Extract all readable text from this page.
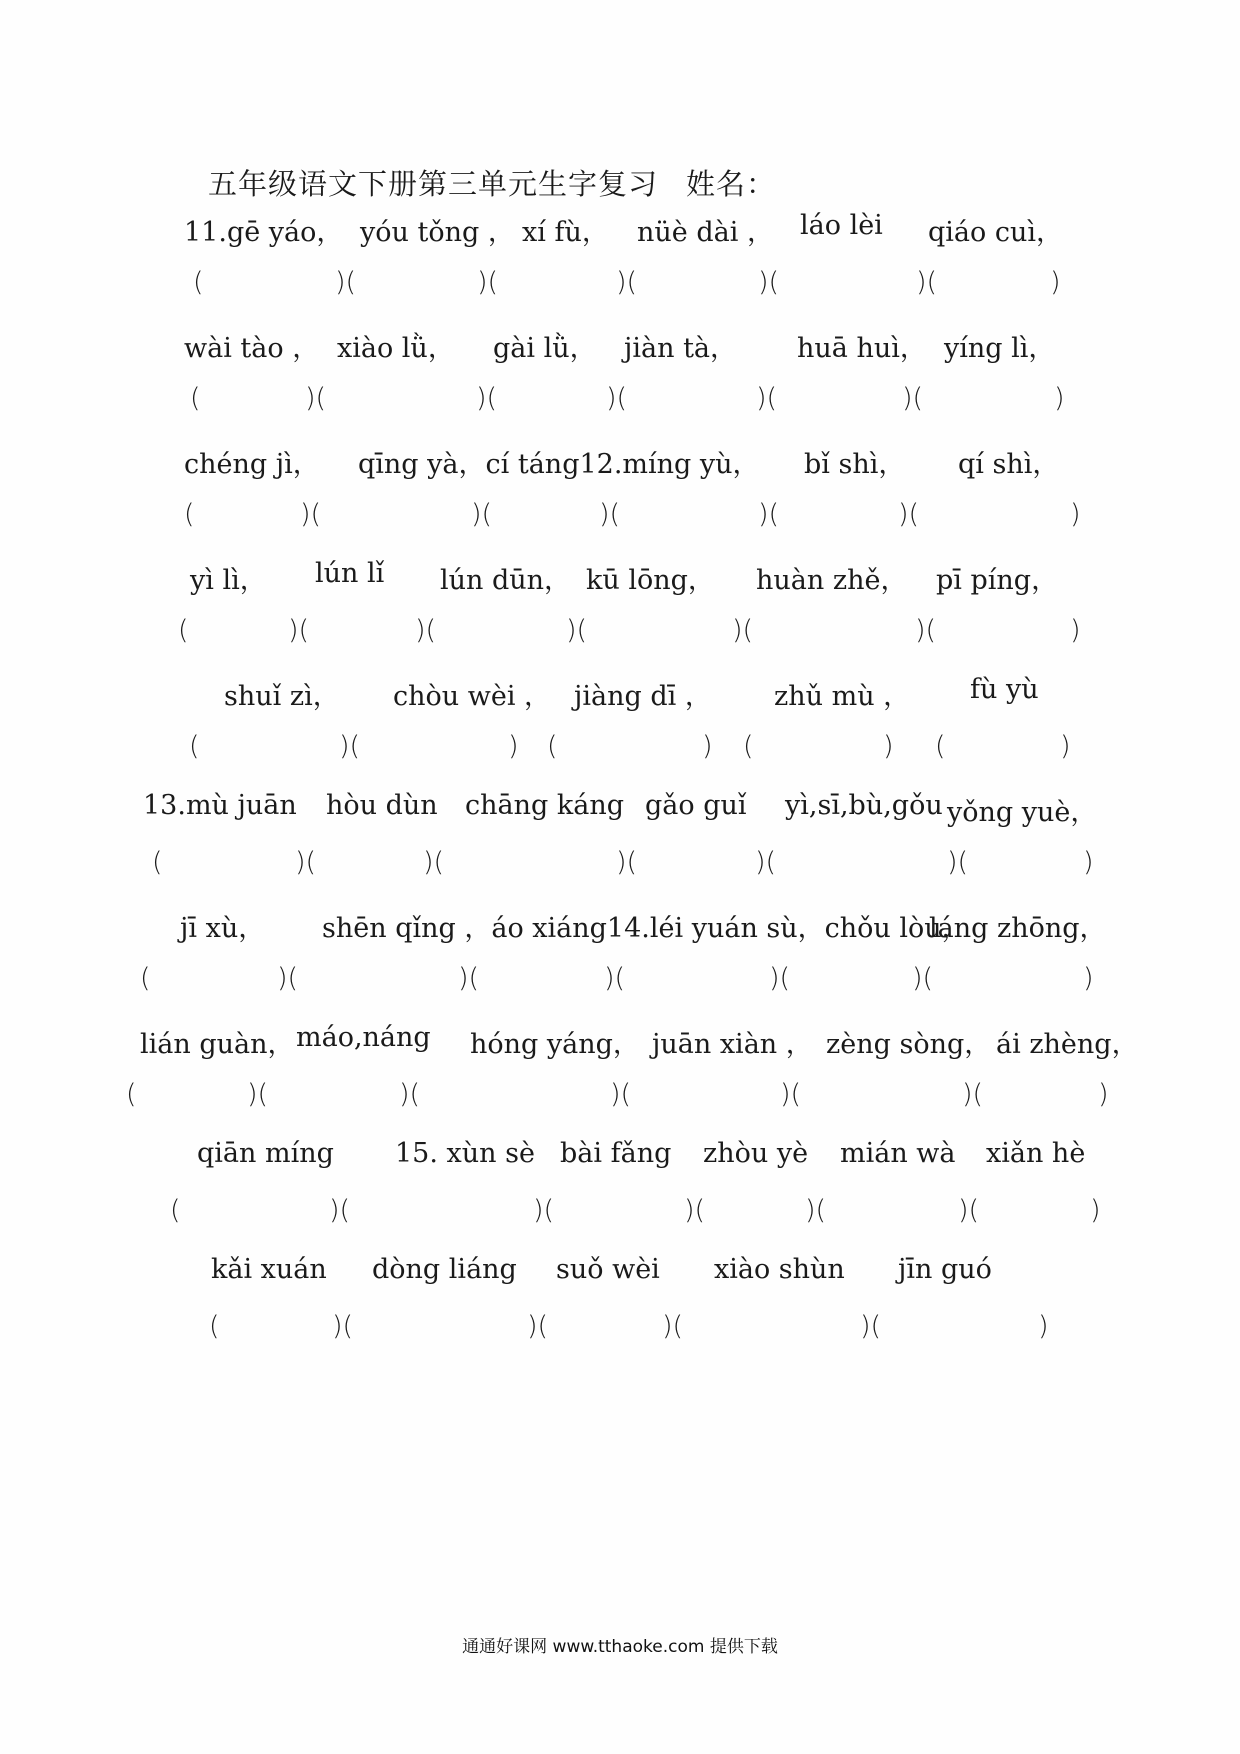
五年级语文下册第三单元生字复习 姓名：
11.gē yáo， yóu tǒng ， xí fù， nüè dài ， láo lèi qiáo cuì，
(	)(	)(	)(	)(	)(	)
wài tào ， xiào lǜ， gài lǜ， jiàn tà， huā huì， yíng lì，
(	)(	)(	)(	)(	)(	)
chéng jì， qīng yà，cí táng12.míng yù， bǐ shì， qí shì，
(	)(	)(	)(	)(	)(	)
yì lì， lún lǐ lún dūn， kū lōng， huàn zhě， pī píng，
(	)(	)(	)(	)(	)(	)
shuǐ zì， chòu wèi ， jiàng dī ， zhǔ mù ， fù yù
(	)(	) (	) (	) (	)
13.mù juān hòu dùn chāng káng gǎo guǐ yì,sī,bù,gǒu yǒng yuè，
(	)(	)(	)(	)(	)(	)
jī xù， shēn qǐng ，áo xiáng14.léi yuán sù，chǒu lòu，
láng zhōng，
(	)(	)(	)(	)(	)(	)
lián guàn， máo,náng hóng yáng， juān xiàn ， zèng sòng， ái zhèng，
(	)(	)(	)(	)(	)(	)
qiān míng 15. xùn sè bài fǎng zhòu yè mián wà xiǎn hè
(	)(	)(	)(	)(	)(	)
kǎi xuán dòng liáng suǒ wèi xiào shùn jīn guó
(	)(	)(	)(	)(	)
通通好课网 www.tthaoke.com 提供下载
